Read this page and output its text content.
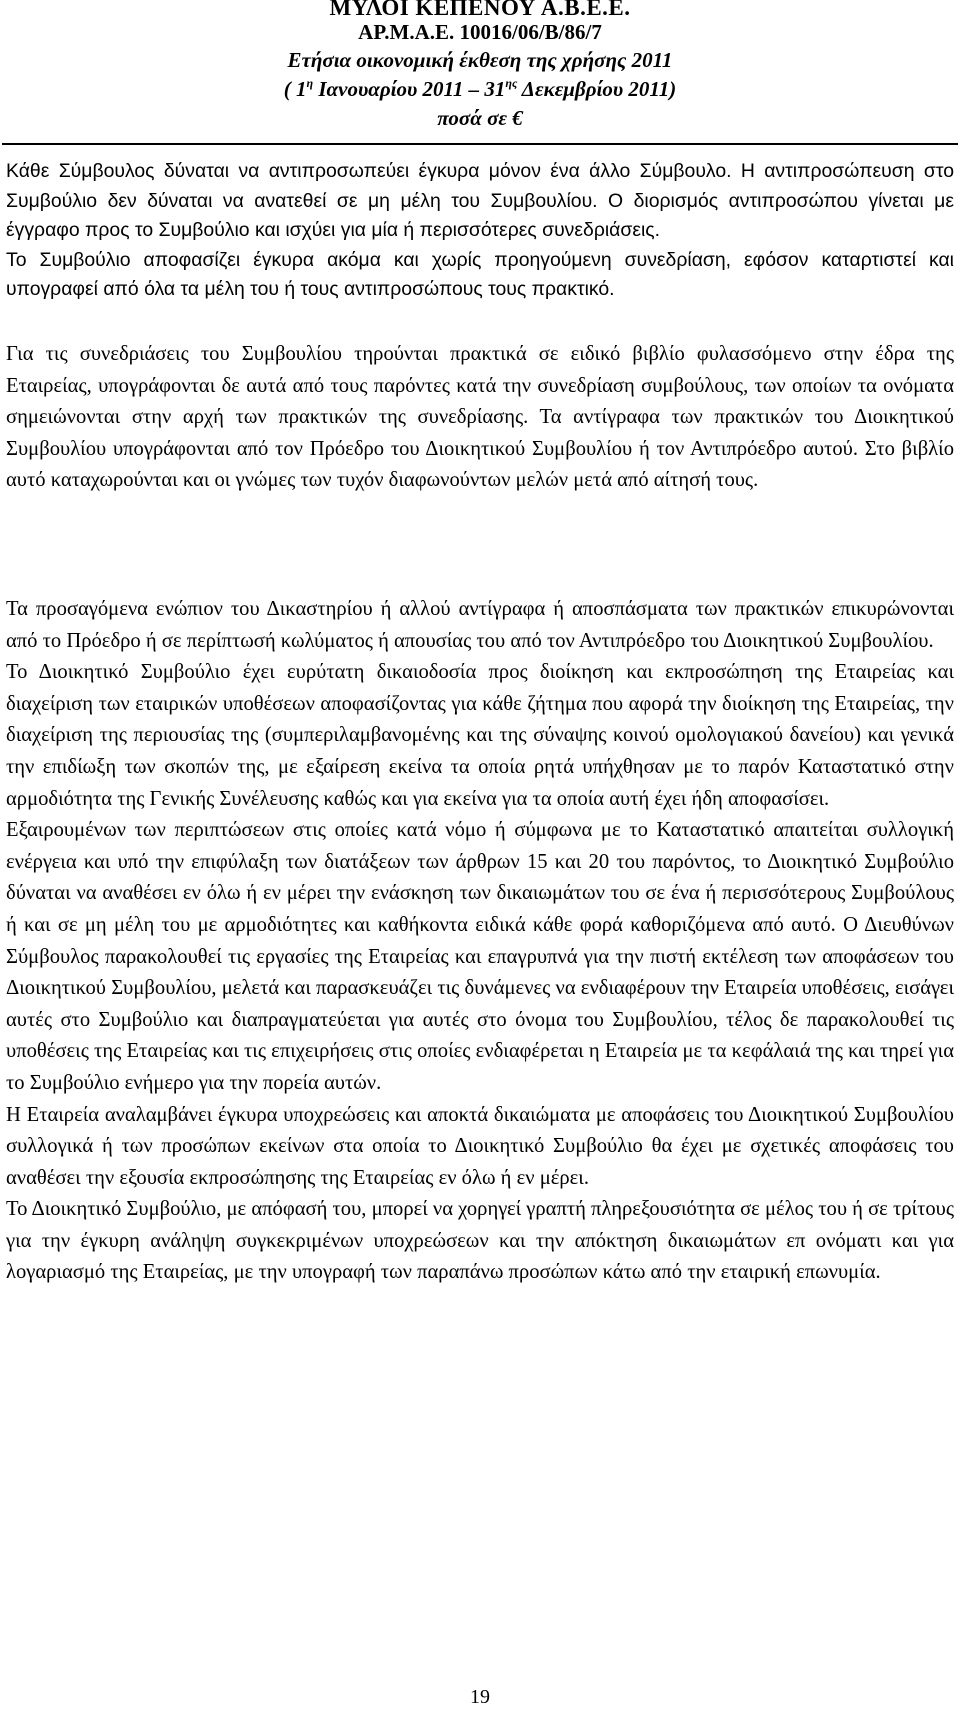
ΜΥΛΟΙ ΚΕΠΕΝΟΥ Α.Β.Ε.Ε.
ΑΡ.Μ.Α.Ε. 10016/06/Β/86/7
Ετήσια οικονομική έκθεση της χρήσης 2011
( $1^\eta$ Ιανουαρίου $2011 - 31^{\eta\varsigma}$ Δεκεμβρίου 2011)
ποσά σε €

Κάθε Σύμβουλος δύναται να αντιπροσωπεύει έγκυρα μόνον ένα άλλο Σύμβουλο. Η αντιπροσώπευση στο Συμβούλιο δεν δύναται να ανατεθεί σε μη μέλη του Συμβουλίου. Ο διορισμός αντιπροσώπου γίνεται με έγγραφο προς το Συμβούλιο και ισχύει για μία ή περισσότερες συνεδριάσεις.

Το Συμβούλιο αποφασίζει έγκυρα ακόμα και χωρίς προηγούμενη συνεδρίαση, εφόσον καταρτιστεί και υπογραφεί από όλα τα μέλη του ή τους αντιπροσώπους τους πρακτικό.

Για τις συνεδριάσεις του Συμβουλίου τηρούνται πρακτικά σε ειδικό βιβλίο φυλασσόμενο στην έδρα της Εταιρείας, υπογράφονται δε αυτά από τους παρόντες κατά την συνεδρίαση συμβούλους, των οποίων τα ονόματα σημειώνονται στην αρχή των πρακτικών της συνεδρίασης. Τα αντίγραφα των πρακτικών του Διοικητικού Συμβουλίου υπογράφονται από τον Πρόεδρο του Διοικητικού Συμβουλίου ή τον Αντιπρόεδρο αυτού. Στο βιβλίο αυτό καταχωρούνται και οι γνώμες των τυχόν διαφωνούντων μελών μετά από αίτησή τους.

Τα προσαγόμενα ενώπιον του Δικαστηρίου ή αλλού αντίγραφα ή αποσπάσματα των πρακτικών επικυρώνονται από το Πρόεδρο ή σε περίπτωσή κωλύματος ή απουσίας του από τον Αντιπρόεδρο του Διοικητικού Συμβουλίου.

Το Διοικητικό Συμβούλιο έχει ευρύτατη δικαιοδοσία προς διοίκηση και εκπροσώπηση της Εταιρείας και διαχείριση των εταιρικών υποθέσεων αποφασίζοντας για κάθε ζήτημα που αφορά την διοίκηση της Εταιρείας, την διαχείριση της περιουσίας της (συμπεριλαμβανομένης και της σύναψης κοινού ομολογιακού δανείου) και γενικά την επιδίωξη των σκοπών της, με εξαίρεση εκείνα τα οποία ρητά υπήχθησαν με το παρόν Καταστατικό στην αρμοδιότητα της Γενικής Συνέλευσης καθώς και για εκείνα για τα οποία αυτή έχει ήδη αποφασίσει.

Εξαιρουμένων των περιπτώσεων στις οποίες κατά νόμο ή σύμφωνα με το Καταστατικό απαιτείται συλλογική ενέργεια και υπό την επιφύλαξη των διατάξεων των άρθρων 15 και 20 του παρόντος, το Διοικητικό Συμβούλιο δύναται να αναθέσει εν όλω ή εν μέρει την ενάσκηση των δικαιωμάτων του σε ένα ή περισσότερους Συμβούλους ή και σε μη μέλη του με αρμοδιότητες και καθήκοντα ειδικά κάθε φορά καθοριζόμενα από αυτό. Ο Διευθύνων Σύμβουλος παρακολουθεί τις εργασίες της Εταιρείας και επαγρυπνά για την πιστή εκτέλεση των αποφάσεων του Διοικητικού Συμβουλίου, μελετά και παρασκευάζει τις δυνάμενες να ενδιαφέρουν την Εταιρεία υποθέσεις, εισάγει αυτές στο Συμβούλιο και διαπραγματεύεται για αυτές στο όνομα του Συμβουλίου, τέλος δε παρακολουθεί τις υποθέσεις της Εταιρείας και τις επιχειρήσεις στις οποίες ενδιαφέρεται η Εταιρεία με τα κεφάλαιά της και τηρεί για το Συμβούλιο ενήμερο για την πορεία αυτών.

Η Εταιρεία αναλαμβάνει έγκυρα υποχρεώσεις και αποκτά δικαιώματα με αποφάσεις του Διοικητικού Συμβουλίου συλλογικά ή των προσώπων εκείνων στα οποία το Διοικητικό Συμβούλιο θα έχει με σχετικές αποφάσεις του αναθέσει την εξουσία εκπροσώπησης της Εταιρείας εν όλω ή εν μέρει.

Το Διοικητικό Συμβούλιο, με απόφασή του, μπορεί να χορηγεί γραπτή πληρεξουσιότητα σε μέλος του ή σε τρίτους για την έγκυρη ανάληψη συγκεκριμένων υποχρεώσεων και την απόκτηση δικαιωμάτων επ ονόματι και για λογαριασμό της Εταιρείας, με την υπογραφή των παραπάνω προσώπων κάτω από την εταιρική επωνυμία.

19
